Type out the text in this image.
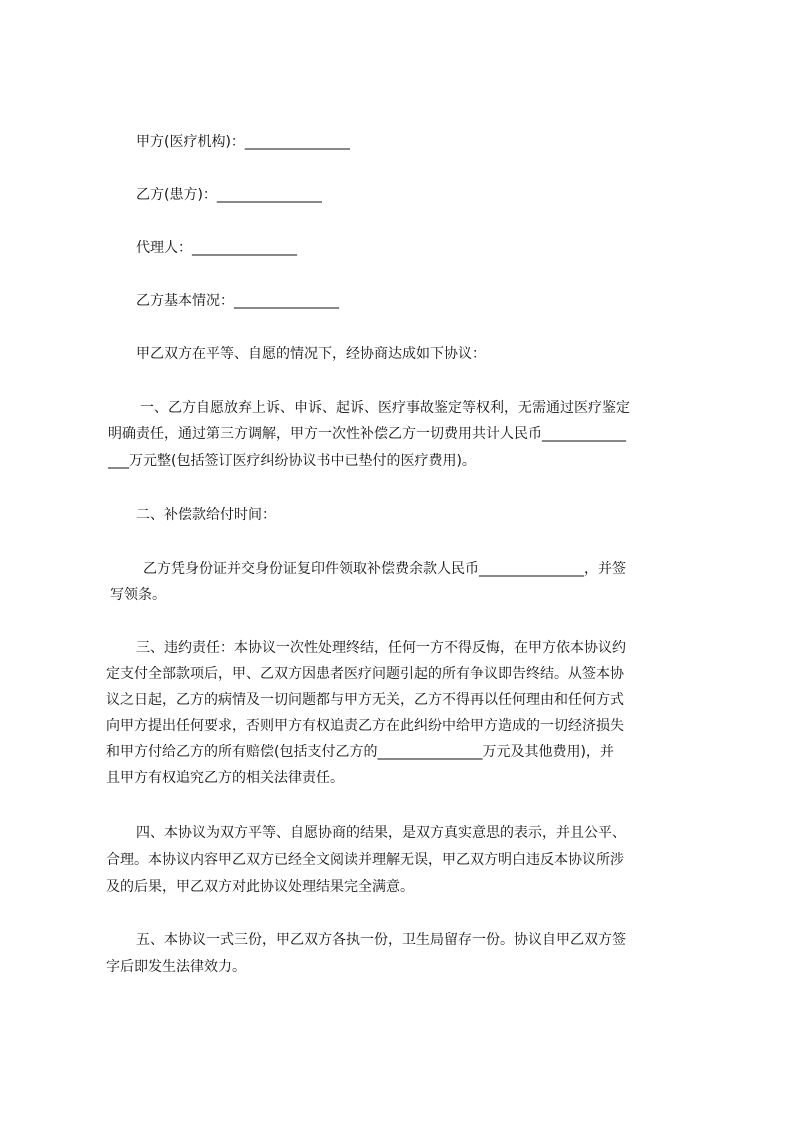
甲方(医疗机构)：_______________
乙方(患方)：_______________
代理人：_______________
乙方基本情况：_______________
甲乙双方在平等、自愿的情况下，经协商达成如下协议：
一、乙方自愿放弃上诉、申诉、起诉、医疗事故鉴定等权利，无需通过医疗鉴定
明确责任，通过第三方调解，甲方一次性补偿乙方一切费用共计人民币____________
___万元整(包括签订医疗纠纷协议书中已垫付的医疗费用)。
二、补偿款给付时间：
乙方凭身份证并交身份证复印件领取补偿费余款人民币_______________，并签
写领条。
三、违约责任：本协议一次性处理终结，任何一方不得反悔，在甲方依本协议约
定支付全部款项后，甲、乙双方因患者医疗问题引起的所有争议即告终结。从签本协
议之日起，乙方的病情及一切问题都与甲方无关，乙方不得再以任何理由和任何方式
向甲方提出任何要求，否则甲方有权追责乙方在此纠纷中给甲方造成的一切经济损失
和甲方付给乙方的所有赔偿(包括支付乙方的_______________万元及其他费用)，并
且甲方有权追究乙方的相关法律责任。
四、本协议为双方平等、自愿协商的结果，是双方真实意思的表示，并且公平、
合理。本协议内容甲乙双方已经全文阅读并理解无误，甲乙双方明白违反本协议所涉
及的后果，甲乙双方对此协议处理结果完全满意。
五、本协议一式三份，甲乙双方各执一份，卫生局留存一份。协议自甲乙双方签
字后即发生法律效力。
